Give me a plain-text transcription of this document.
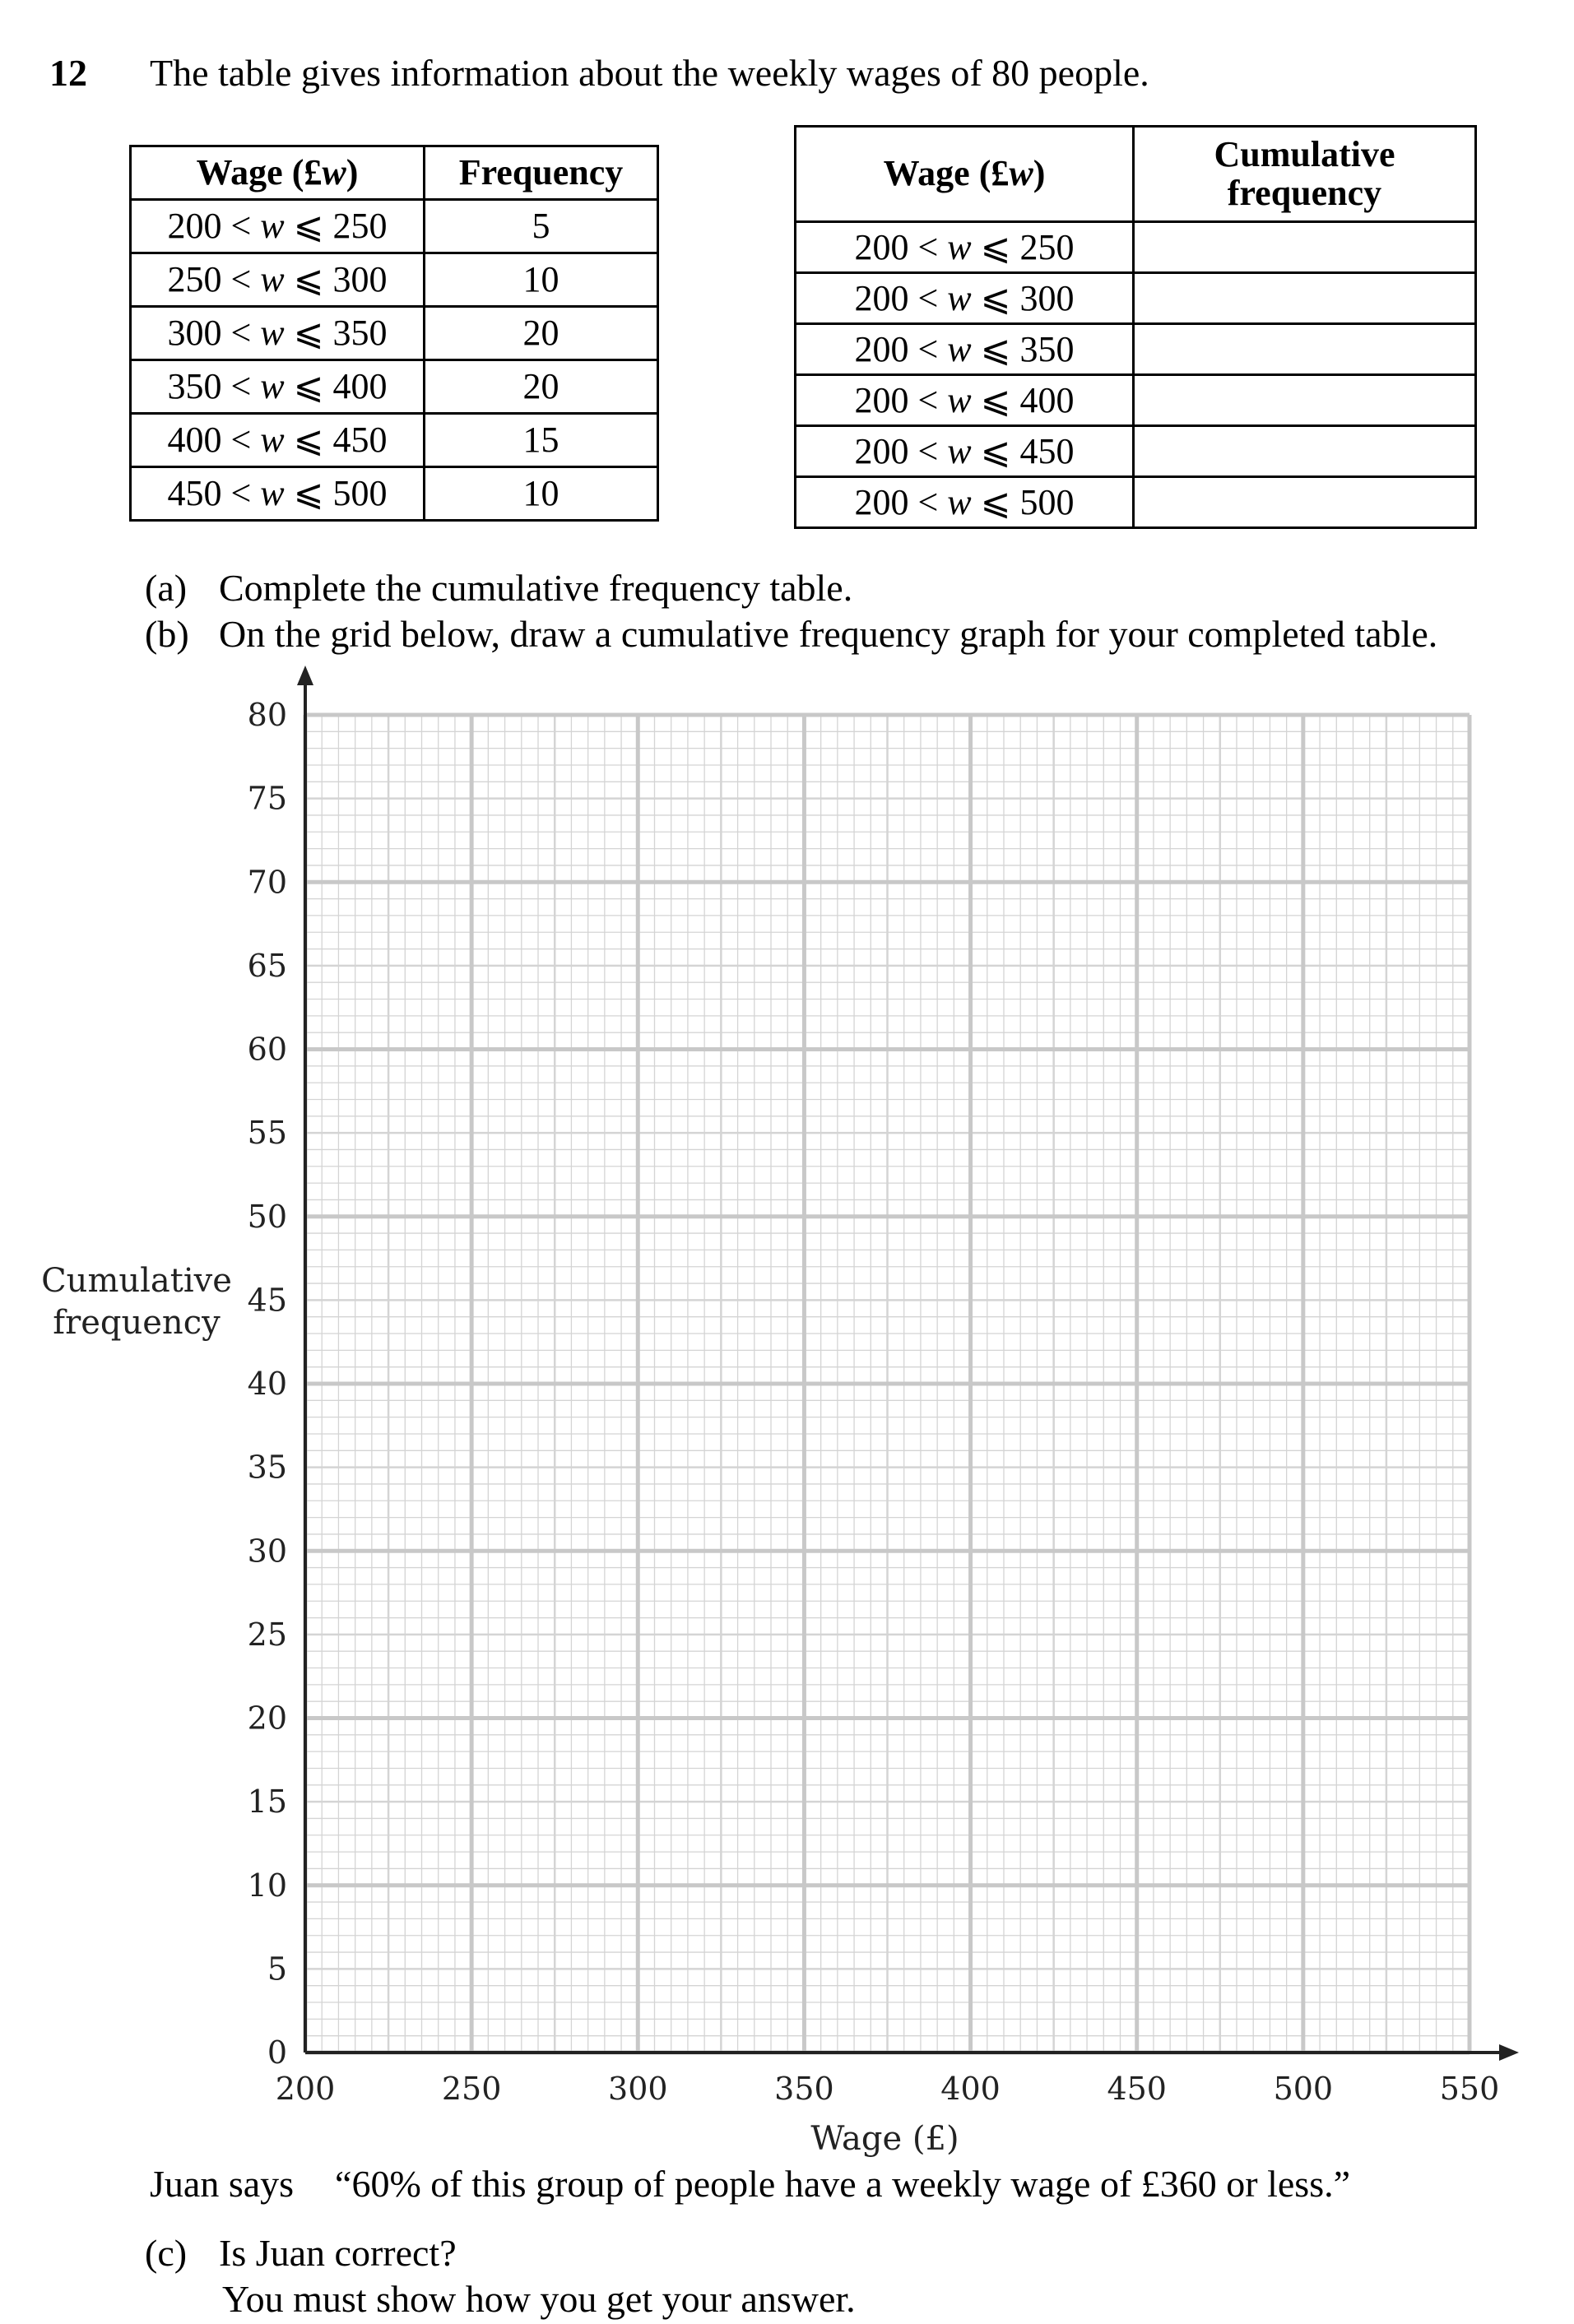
12 The table gives information about the weekly wages of 80 people.
Wage (£w)	Frequency
200 < w ⩽ 250	5
250 < w ⩽ 300	10
300 < w ⩽ 350	20
350 < w ⩽ 400	20
400 < w ⩽ 450	15
450 < w ⩽ 500	10
Wage (£w)	Cumulative
frequency
200 < w ⩽ 250	
200 < w ⩽ 300	
200 < w ⩽ 350	
200 < w ⩽ 400	
200 < w ⩽ 450	
200 < w ⩽ 500	
(a) Complete the cumulative frequency table.
(b) On the grid below, draw a cumulative frequency graph for your completed table.
200	250	300	350	400	450	500	550
0
5
10
15
20
25
30
35
40
45
50
55
60
65
70
75
80
Cumulative
frequency
Wage (£)
Juan says “60% of this group of people have a weekly wage of £360 or less.”
(c) Is Juan correct?
You must show how you get your answer.
